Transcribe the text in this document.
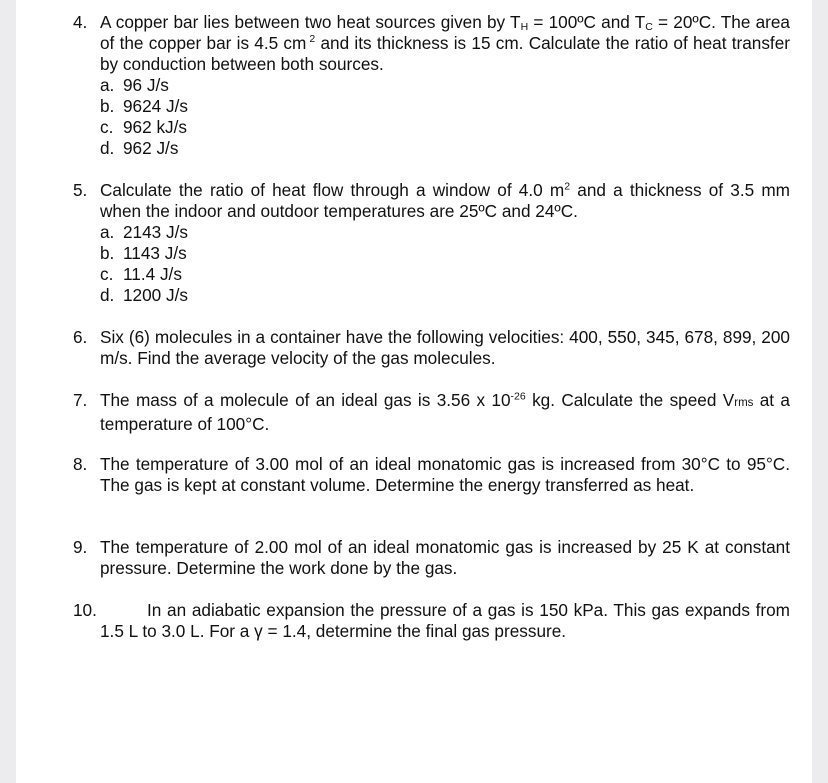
4. A copper bar lies between two heat sources given by $T_H$ = 100ºC and $T_C$ = 20ºC. The area of the copper bar is 4.5 cm $^2$ and its thickness is 15 cm. Calculate the ratio of heat transfer by conduction between both sources.
a. 96 J/s
b. 9624 J/s
c. 962 kJ/s
d. 962 J/s
5. Calculate the ratio of heat flow through a window of 4.0 $m^2$ and a thickness of 3.5 mm when the indoor and outdoor temperatures are 25ºC and 24ºC.
a. 2143 J/s
b. 1143 J/s
c. 11.4 J/s
d. 1200 J/s
6. Six (6) molecules in a container have the following velocities: 400, 550, 345, 678, 899, 200 m/s. Find the average velocity of the gas molecules.
7. The mass of a molecule of an ideal gas is 3.56 x $10^{-26}$ kg. Calculate the speed Vrms at a temperature of 100°C.
8. The temperature of 3.00 mol of an ideal monatomic gas is increased from 30°C to 95°C. The gas is kept at constant volume. Determine the energy transferred as heat.
9. The temperature of 2.00 mol of an ideal monatomic gas is increased by 25 K at constant pressure. Determine the work done by the gas.
10.	In an adiabatic expansion the pressure of a gas is 150 kPa. This gas expands from 1.5 L to 3.0 L. For a γ = 1.4, determine the final gas pressure.
